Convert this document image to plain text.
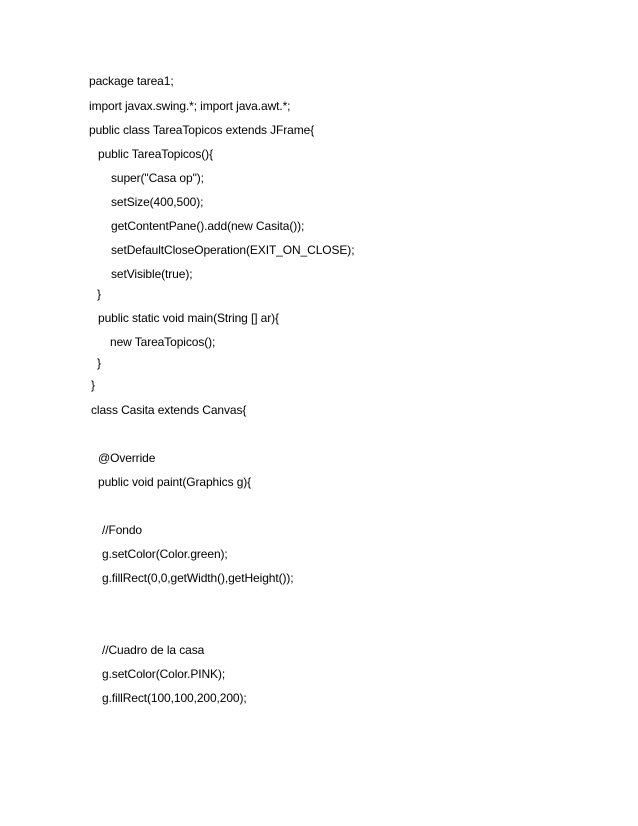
package tarea1;
import javax.swing.*; import java.awt.*;
public class TareaTopicos extends JFrame{
public TareaTopicos(){
super("Casa op");
setSize(400,500);
getContentPane().add(new Casita());
setDefaultCloseOperation(EXIT_ON_CLOSE);
setVisible(true);
}
public static void main(String [] ar){
new TareaTopicos();
}
}
class Casita extends Canvas{
@Override
public void paint(Graphics g){
//Fondo
g.setColor(Color.green);
g.fillRect(0,0,getWidth(),getHeight());
//Cuadro de la casa
g.setColor(Color.PINK);
g.fillRect(100,100,200,200);
